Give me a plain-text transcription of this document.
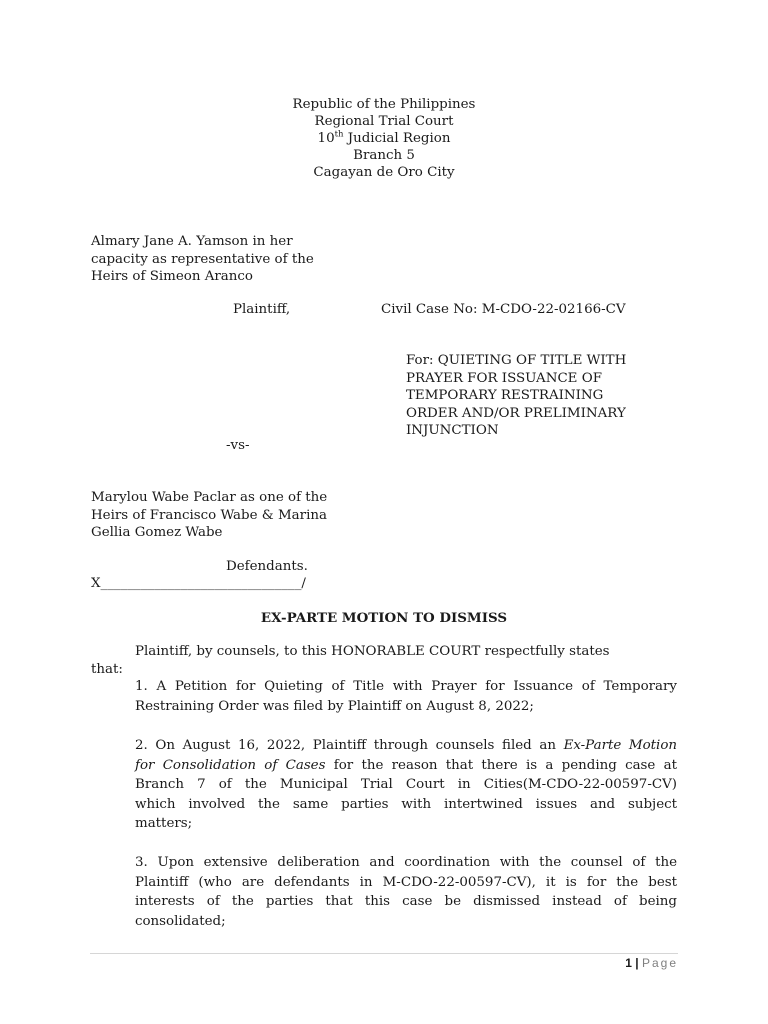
Republic of the Philippines
Regional Trial Court
10th Judicial Region
Branch 5
Cagayan de Oro City
Almary Jane A. Yamson in her
capacity as representative of the
Heirs of Simeon Aranco
Plaintiff,	Civil Case No: M-CDO-22-02166-CV
For: QUIETING OF TITLE WITH
PRAYER FOR ISSUANCE OF
TEMPORARY RESTRAINING
ORDER AND/OR PRELIMINARY
INJUNCTION
-vs-
Marylou Wabe Paclar as one of the
Heirs of Francisco Wabe & Marina
Gellia Gomez Wabe
Defendants.
X______________________________/
EX-PARTE MOTION TO DISMISS
Plaintiff, by counsels, to this HONORABLE COURT respectfully states
that:
1. A Petition for Quieting of Title with Prayer for Issuance of Temporary
Restraining Order was filed by Plaintiff on August 8, 2022;
2. On August 16, 2022, Plaintiff through counsels filed an Ex-Parte Motion
for Consolidation of Cases for the reason that there is a pending case at
Branch 7 of the Municipal Trial Court in Cities(M-CDO-22-00597-CV)
which involved the same parties with intertwined issues and subject
matters;
3. Upon extensive deliberation and coordination with the counsel of the
Plaintiff (who are defendants in M-CDO-22-00597-CV), it is for the best
interests of the parties that this case be dismissed instead of being
consolidated;
1 | Page
